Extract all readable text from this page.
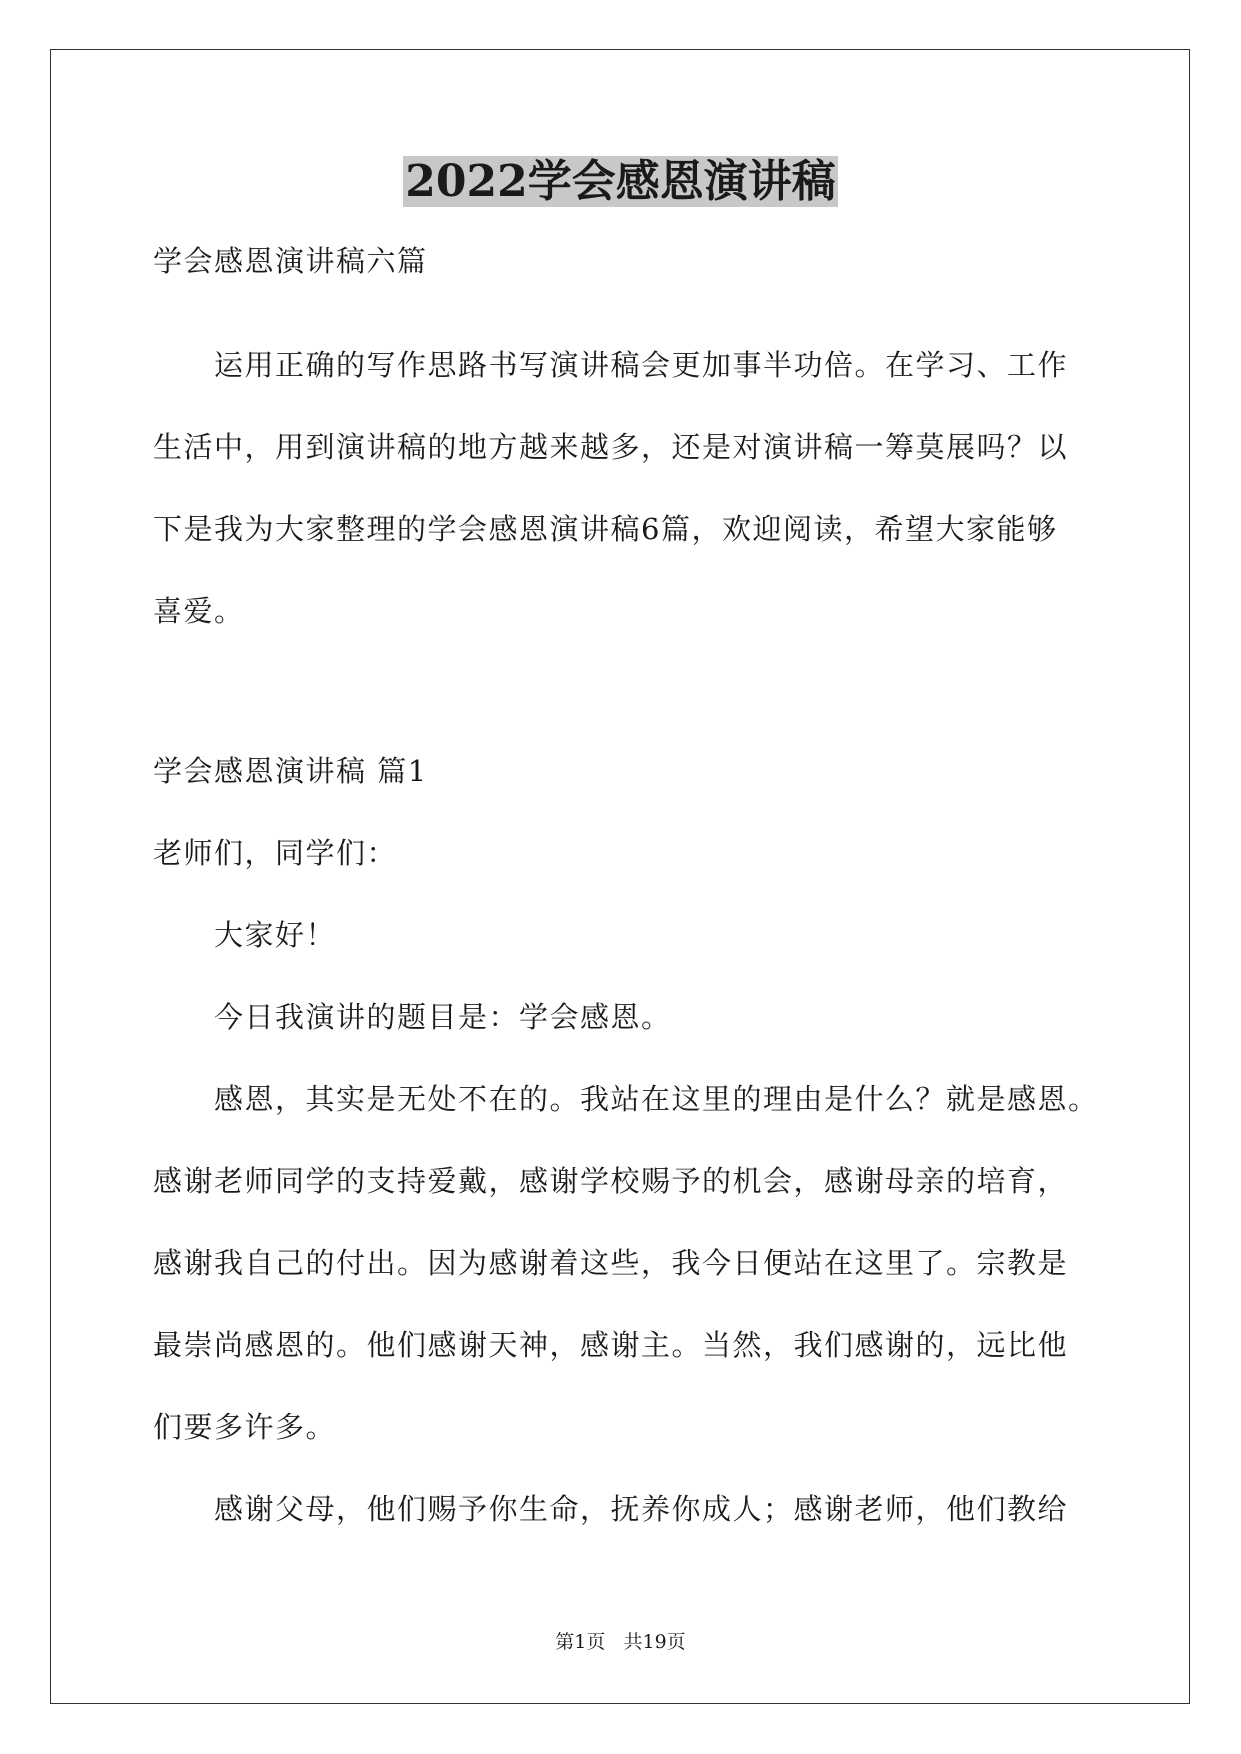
2022学会感恩演讲稿

学会感恩演讲稿六篇

运用正确的写作思路书写演讲稿会更加事半功倍。在学习、工作

生活中，用到演讲稿的地方越来越多，还是对演讲稿一筹莫展吗？以

下是我为大家整理的学会感恩演讲稿6篇，欢迎阅读，希望大家能够

喜爱。

学会感恩演讲稿 篇1

老师们，同学们：

大家好！

今日我演讲的题目是：学会感恩。

感恩，其实是无处不在的。我站在这里的理由是什么？就是感恩。

感谢老师同学的支持爱戴，感谢学校赐予的机会，感谢母亲的培育，

感谢我自己的付出。因为感谢着这些，我今日便站在这里了。宗教是

最崇尚感恩的。他们感谢天神，感谢主。当然，我们感谢的，远比他

们要多许多。

感谢父母，他们赐予你生命，抚养你成人；感谢老师，他们教给

第1页   共19页
